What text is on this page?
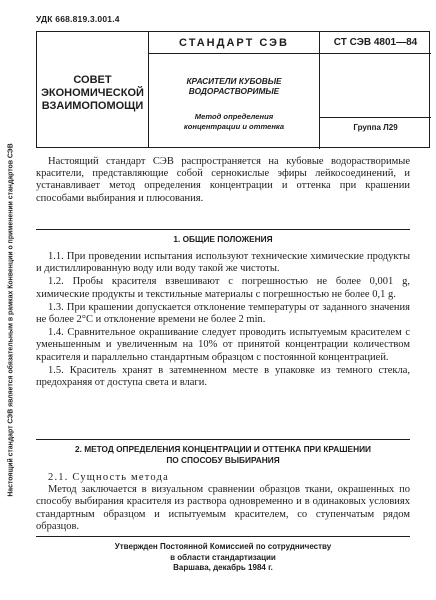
УДК 668.819.3.001.4
Настоящий стандарт СЭВ является обязательным в рамках Конвенции о применении стандартов СЭВ
СОВЕТ
ЭКОНОМИЧЕСКОЙ
ВЗАИМОПОМОЩИ
СТАНДАРТ СЭВ	СТ СЭВ 4801—84
КРАСИТЕЛИ КУБОВЫЕ
ВОДОРАСТВОРИМЫЕ
Метод определения
концентрации и оттенка	Группа Л29

Настоящий стандарт СЭВ распространяется на кубовые водорастворимые красители, представляющие собой сернокислые эфиры лейкосоединений, и устанавливает метод определения концентрации и оттенка при крашении способами выбирания и плюсования.

1. ОБЩИЕ ПОЛОЖЕНИЯ

1.1. При проведении испытания используют технические химические продукты и дистиллированную воду или воду такой же чистоты.

1.2. Пробы красителя взвешивают с погрешностью не более 0,001 g, химические продукты и текстильные материалы с погрешностью не более 0,1 g.

1.3. При крашении допускается отклонение температуры от заданного значения не более 2°С и отклонение времени не более 2 min.

1.4. Сравнительное окрашивание следует проводить испытуемым красителем с уменьшенным и увеличенным на 10% от принятой концентрации количеством красителя и параллельно стандартным образцом с постоянной концентрацией.

1.5. Краситель хранят в затемненном месте в упаковке из темного стекла, предохраняя от доступа света и влаги.

2. МЕТОД ОПРЕДЕЛЕНИЯ КОНЦЕНТРАЦИИ И ОТТЕНКА ПРИ КРАШЕНИИ
ПО СПОСОБУ ВЫБИРАНИЯ

2.1. Сущность метода

Метод заключается в визуальном сравнении образцов ткани, окрашенных по способу выбирания красителя из раствора одновременно и в одинаковых условиях стандартным образцом и испытуемым красителем, со ступенчатым рядом образцов.

Утвержден Постоянной Комиссией по сотрудничеству
в области стандартизации
Варшава, декабрь 1984 г.
